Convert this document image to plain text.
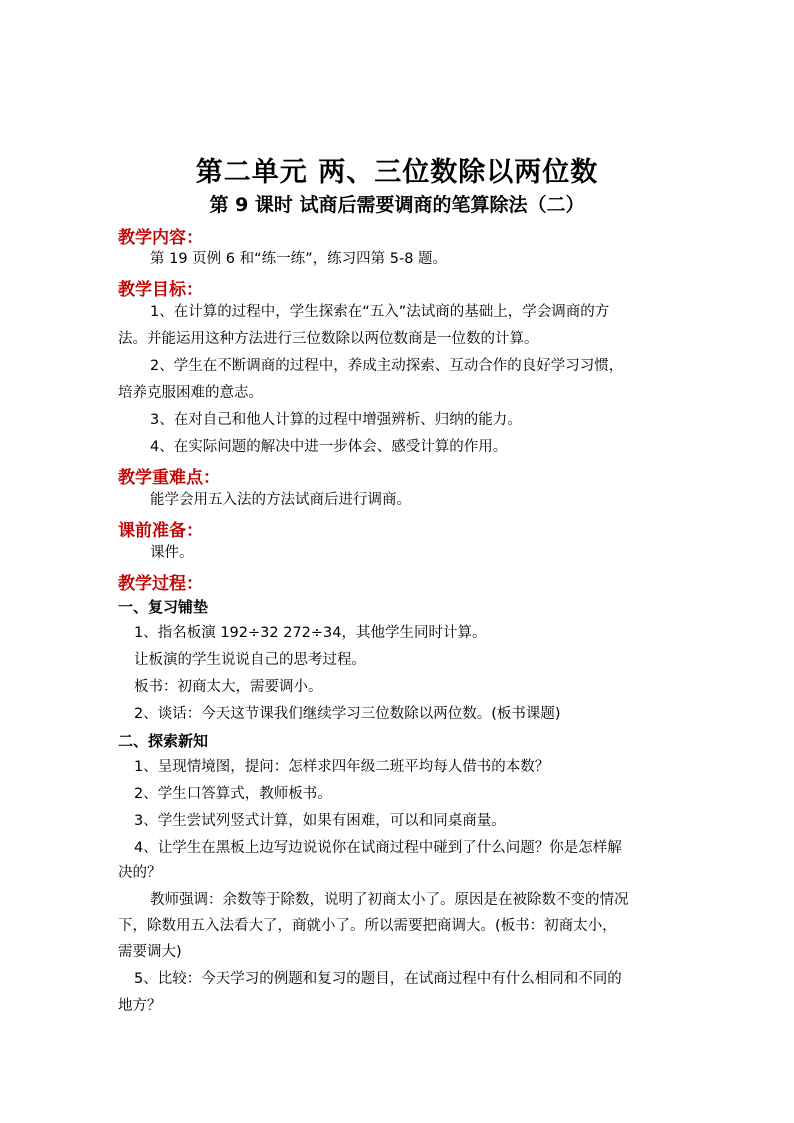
第二单元 两、三位数除以两位数
第 9 课时 试商后需要调商的笔算除法（二）
教学内容：
第 19 页例 6 和“练一练”，练习四第 5-8 题。
教学目标：
1、在计算的过程中，学生探索在“五入”法试商的基础上，学会调商的方
法。并能运用这种方法进行三位数除以两位数商是一位数的计算。
2、学生在不断调商的过程中，养成主动探索、互动合作的良好学习习惯，
培养克服困难的意志。
3、在对自己和他人计算的过程中增强辨析、归纳的能力。
4、在实际问题的解决中进一步体会、感受计算的作用。
教学重难点：
能学会用五入法的方法试商后进行调商。
课前准备：
课件。
教学过程：
一、复习铺垫
1、指名板演 192÷32 272÷34，其他学生同时计算。
让板演的学生说说自己的思考过程。
板书：初商太大，需要调小。
2、谈话：今天这节课我们继续学习三位数除以两位数。(板书课题)
二、探索新知
1、呈现情境图，提问：怎样求四年级二班平均每人借书的本数？
2、学生口答算式，教师板书。
3、学生尝试列竖式计算，如果有困难，可以和同桌商量。
4、让学生在黑板上边写边说说你在试商过程中碰到了什么问题？你是怎样解
决的？
教师强调：余数等于除数，说明了初商太小了。原因是在被除数不变的情况
下，除数用五入法看大了，商就小了。所以需要把商调大。(板书：初商太小，
需要调大)
5、比较：今天学习的例题和复习的题目，在试商过程中有什么相同和不同的
地方？
